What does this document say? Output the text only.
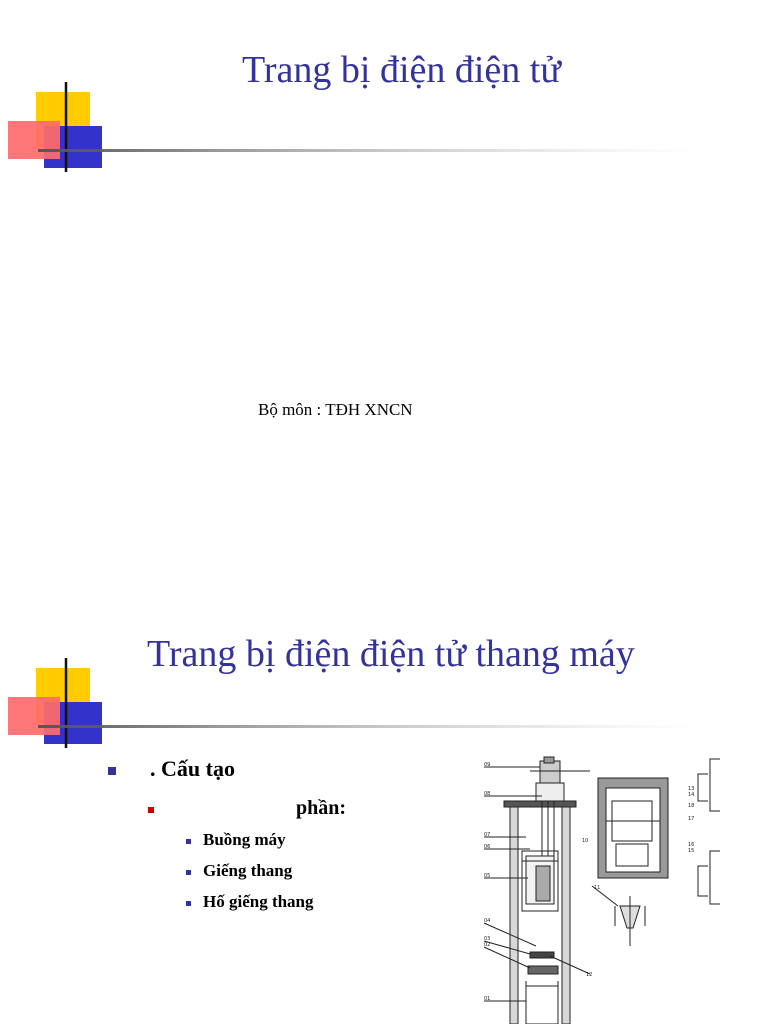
Trang bị điện điện tử
Bộ môn : TĐH XNCN
Trang bị điện điện tử thang máy
. Cấu tạo
phần:
Buồng máy
Giếng thang
Hố giếng thang
09
08
07
06
05
04
03
02
01
10
11
12
13
14
15
16
17
18
